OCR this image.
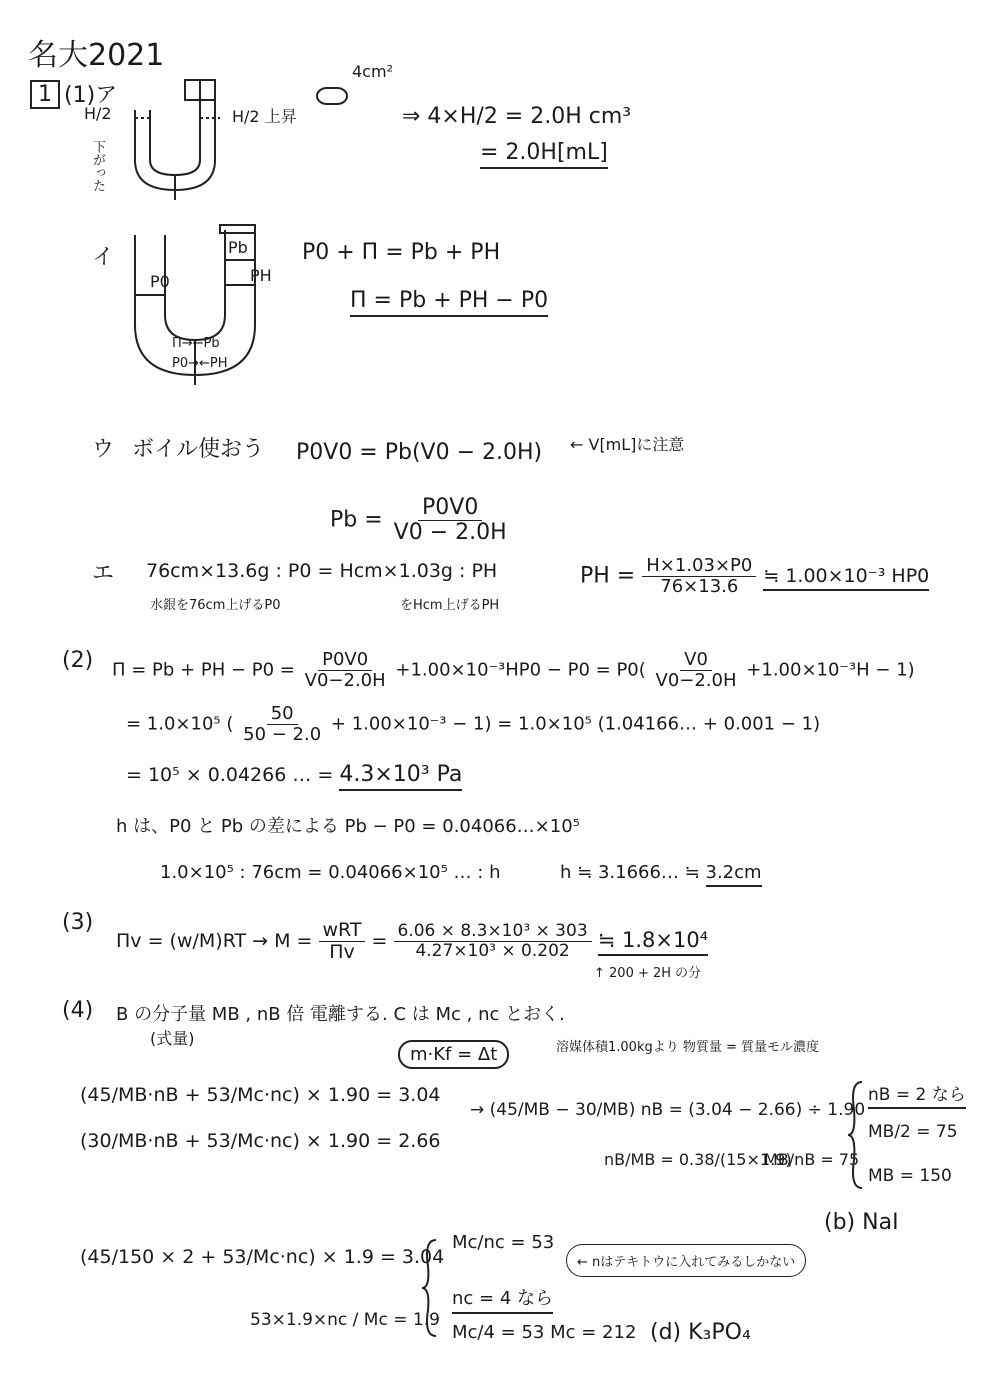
名大2021
1 (1)ア
H/2
下がった
H/2 上昇
4cm²
⇒ 4×H/2 = 2.0H cm³
= 2.0H[mL]
イ	Pb
PH
P0
Π→←Pb
P0→←PH
P0 + Π = Pb + PH
Π = Pb + PH − P0
ウ ボイル使おう P0V0 = Pb(V0 − 2.0H) ← V[mL]に注意
$Pb = \frac{P0V0}{V0 - 2.0H}$
エ 76cm×13.6g : P0 = Hcm×1.03g : PH
水銀を76cm上げるP0	をHcm上げるPH
PH = $\frac{H\times 1.03\times P0}{76\times 13.6}$ ≒ 1.00×10⁻³ HP0
(2) Π = Pb + PH − $P0 = \frac{P0V0}{V0-2.0H} +1.00\times 10^{-3}HP0 - P0 = P0( \frac{V0}{V0-2.0H} +1.00\times 10^{-3}H - 1)$
= 1.0×10⁵ ( $\frac{50}{50 - 2.0} + 1.00\times 10^{-3} - 1) = 1.0\times 10^5$ (1.04166… + 0.001 − 1)
= 10⁵ × 0.04266 … = 4.3×10³ Pa
h は、P0 と Pb の差による Pb − P0 = 0.04066…×10⁵
1.0×10⁵ : 76cm = 0.04066×10⁵ … : h	h ≒ 3.1666… ≒ 3.2cm
(3)
$\Pi v = (w/M)RT \to M = \frac{\text{wRT}}{\Pi v} = \frac{\text{6.06 × 8.3×10³ × 303}}{\text{4.27×10³ × 0.202}}$ ≒ 1.8×10⁴
↑ 200 + 2H の分
(4) B の分子量 MB , nB 倍 電離する. C は Mc , nc とおく.
(式量)
m·Kf = Δt	溶媒体積1.00kgより 物質量 = 質量モル濃度
(45/MB·nB + 53/Mc·nc) × 1.90 = 3.04
(30/MB·nB + 53/Mc·nc) × 1.90 = 2.66
→ (45/MB − 30/MB) nB = (3.04 − 2.66) ÷ 1.90
nB/MB = 0.38/(15×1.9)
MB/nB = 75
nB = 2 なら
MB/2 = 75
MB = 150
(b) NaI
(45/150 × 2 + 53/Mc·nc) × 1.9 = 3.04
53×1.9×nc / Mc = 1.9
Mc/nc = 53
← nはテキトウに入れてみるしかない
nc = 4 なら
Mc/4 = 53 Mc = 212 (d) K₃PO₄
